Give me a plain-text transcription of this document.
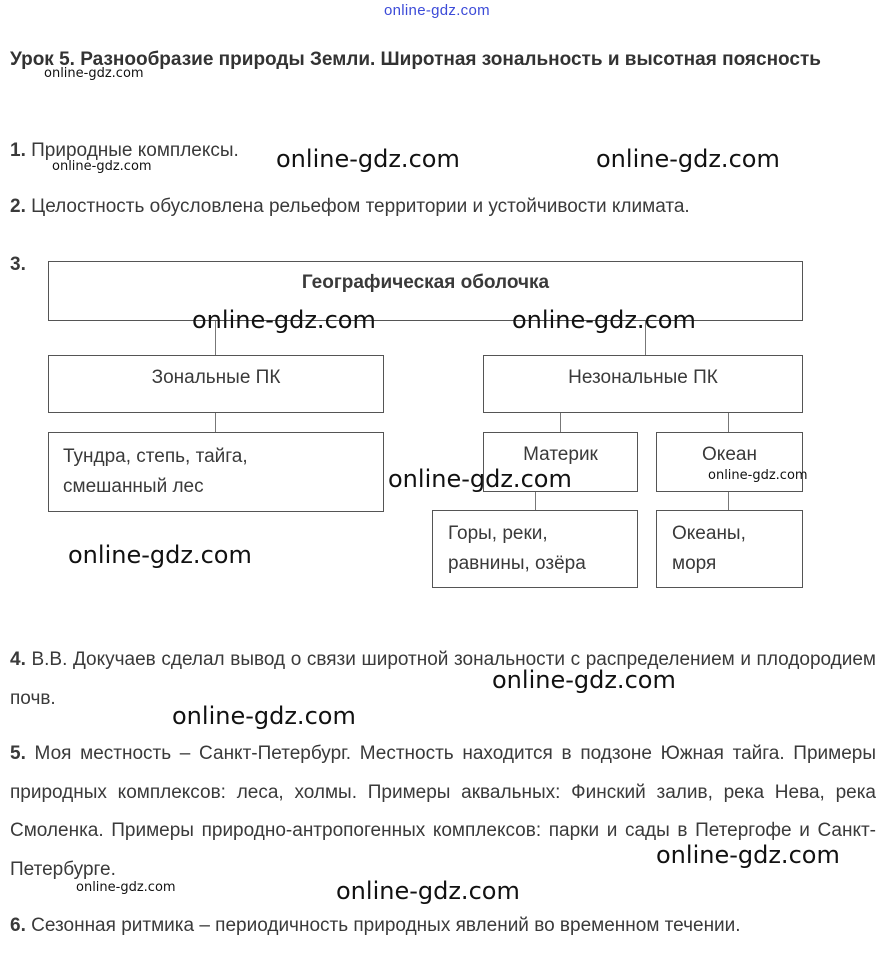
online-gdz.com
Урок 5. Разнообразие природы Земли. Широтная зональность и высотная поясность
1. Природные комплексы.
2. Целостность обусловлена рельефом территории и устойчивости климата.
3.
Географическая оболочка
Зональные ПК	Незональные ПК
Тундра, степь, тайга,
смешанный лес
Материк	Океан
Горы, реки,
равнины, озёра
Океаны,
моря
4. В.В. Докучаев сделал вывод о связи широтной зональности с распределением и плодородием почв.
5. Моя местность – Санкт-Петербург. Местность находится в подзоне Южная тайга. Примеры природных комплексов: леса, холмы. Примеры аквальных: Финский залив, река Нева, река Смоленка. Примеры природно-антропогенных комплексов: парки и сады в Петергофе и Санкт-Петербурге.
6. Сезонная ритмика – периодичность природных явлений во временном течении.
online-gdz.com
online-gdz.com	online-gdz.com	online-gdz.com
online-gdz.com	online-gdz.com
online-gdz.com	online-gdz.com
online-gdz.com
online-gdz.com
online-gdz.com
online-gdz.com
online-gdz.com	online-gdz.com
